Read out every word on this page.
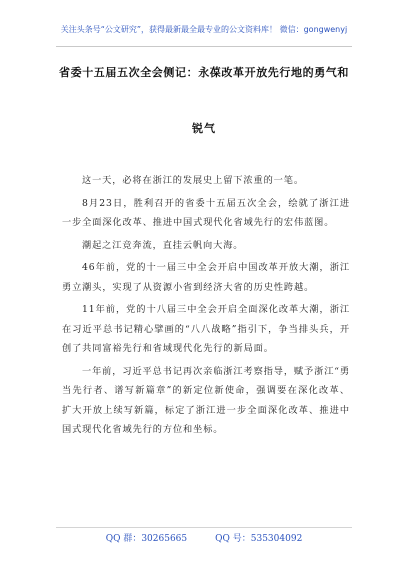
关注头条号“公文研究”，获得最新最全最专业的公文资料库！ 微信：gongwenyj
省委十五届五次全会侧记：永葆改革开放先行地的勇气和
锐气

这一天，必将在浙江的发展史上留下浓重的一笔。

8月23日，胜利召开的省委十五届五次全会，绘就了浙江进一步全面深化改革、推进中国式现代化省域先行的宏伟蓝图。

潮起之江竞奔流，直挂云帆向大海。

46年前，党的十一届三中全会开启中国改革开放大潮，浙江勇立潮头，实现了从资源小省到经济大省的历史性跨越。

11年前，党的十八届三中全会开启全面深化改革大潮，浙江在习近平总书记精心擘画的“八八战略”指引下，争当排头兵，开创了共同富裕先行和省域现代化先行的新局面。

一年前，习近平总书记再次亲临浙江考察指导，赋予浙江“勇当先行者、谱写新篇章”的新定位新使命，强调要在深化改革、扩大开放上续写新篇，标定了浙江进一步全面深化改革、推进中国式现代化省域先行的方位和坐标。

QQ 群：30265665	QQ 号：535304092
